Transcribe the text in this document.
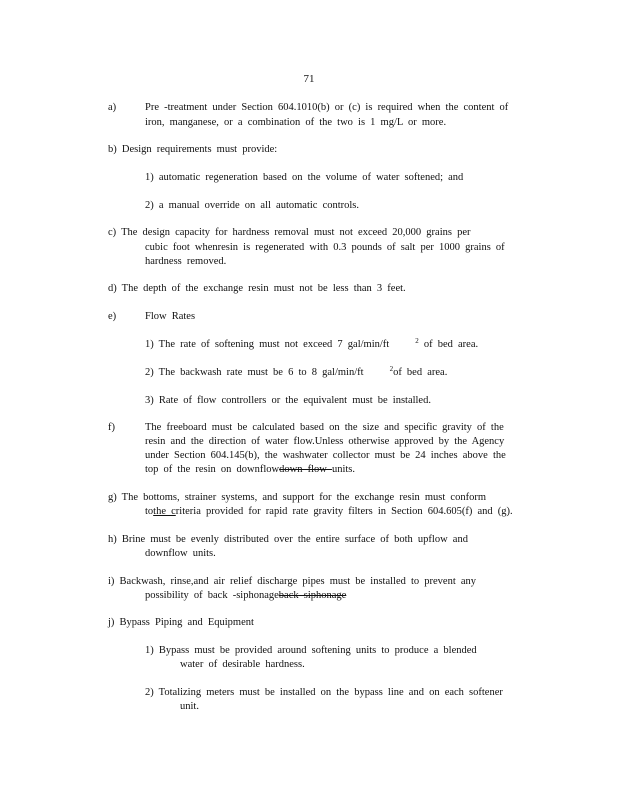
71
a)	Pre -treatment under Section 604.1010(b) or (c) is required when the content of
iron, manganese, or a combination of the two is 1 mg/L or more.
b) Design requirements must provide:
1) automatic regeneration based on the volume of water softened; and
2) a manual override on all automatic controls.
c) The design capacity for hardness removal must not exceed 20,000 grains per
cubic foot whenresin is regenerated with 0.3 pounds of salt per 1000 grains of
hardness removed.
d) The depth of the exchange resin must not be less than 3 feet.
e)	Flow Rates
1) The rate of softening must not exceed 7 gal/min/ft	$^2$ of bed area.
2) The backwash rate must be 6 to 8 gal/min/ft	$^2$of bed area.
3) Rate of flow controllers or the equivalent must be installed.
f)	The freeboard must be calculated based on the size and specific gravity of the
resin and the direction of water flow.Unless otherwise approved by the Agency
under Section 604.145(b), the washwater collector must be 24 inches above the
top of the resin on downflowdown flow units.
g) The bottoms, strainer systems, and support for the exchange resin must conform
tothe criteria provided for rapid rate gravity filters in Section 604.605(f) and (g).
h) Brine must be evenly distributed over the entire surface of both upflow and
downflow units.
i) Backwash, rinse,and air relief discharge pipes must be installed to prevent any
possibility of back -siphonageback siphonage
j) Bypass Piping and Equipment
1) Bypass must be provided around softening units to produce a blended
water of desirable hardness.
2) Totalizing meters must be installed on the bypass line and on each softener
unit.
